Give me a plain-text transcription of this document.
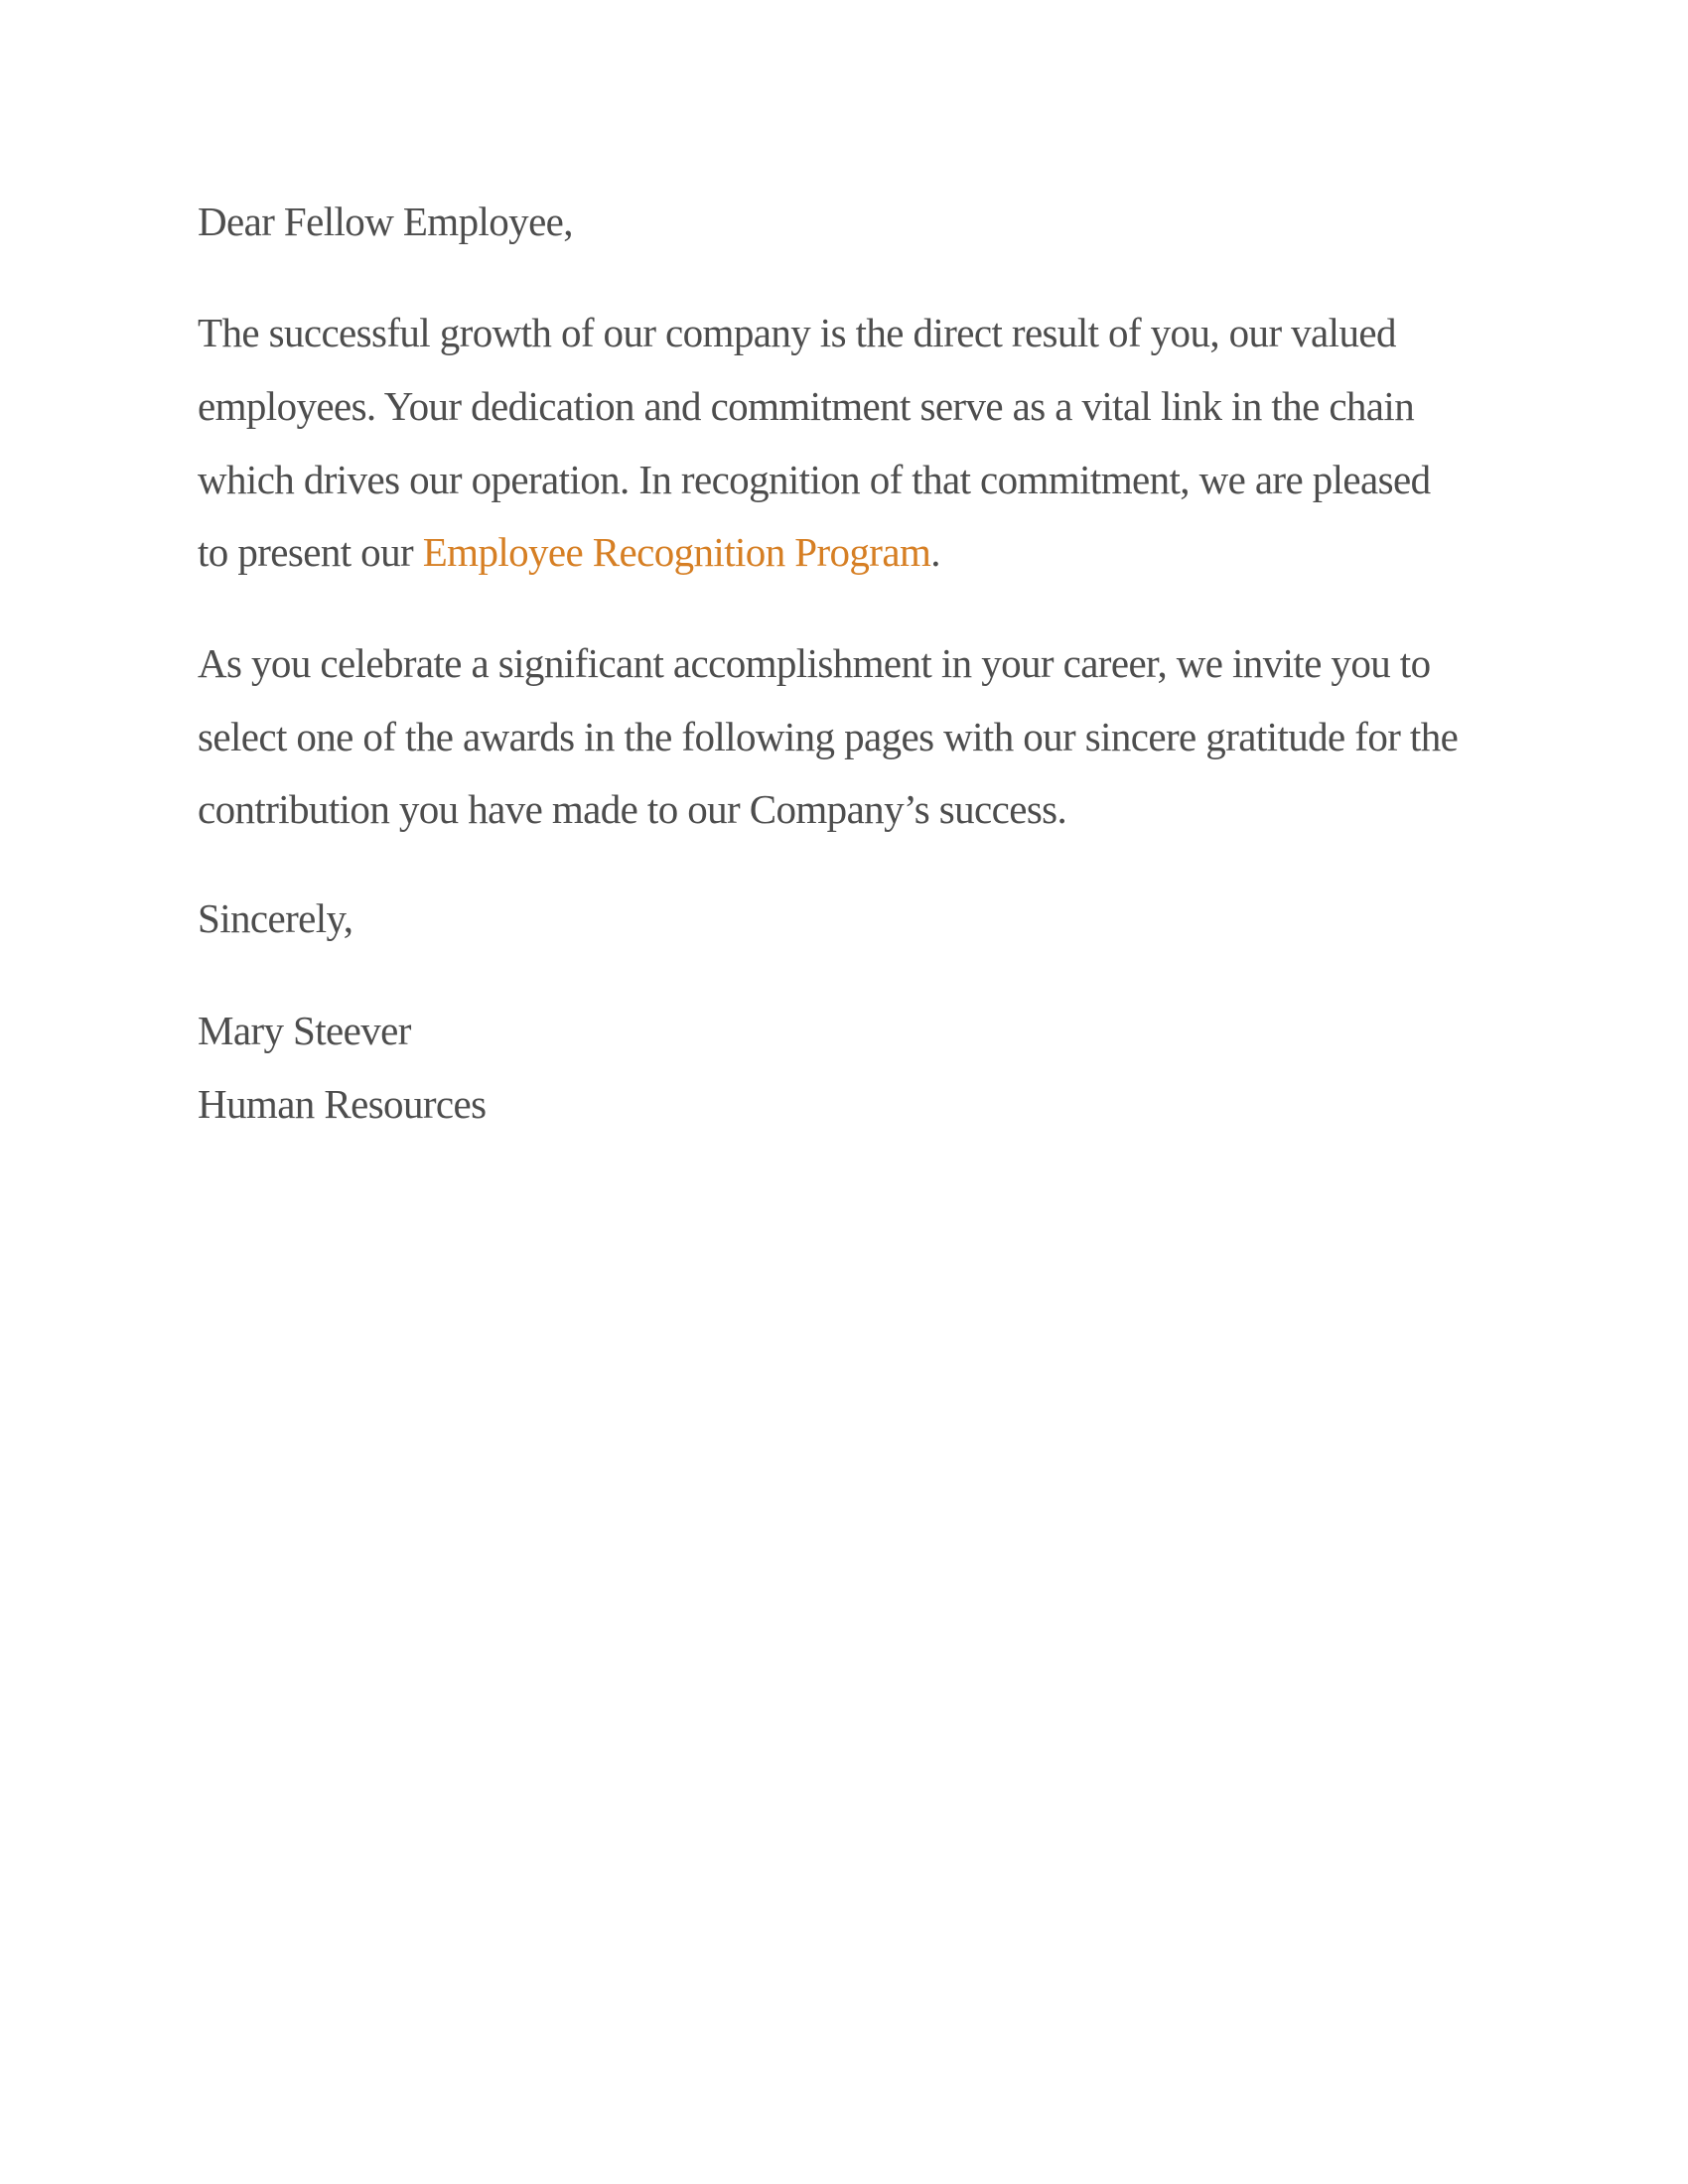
Dear Fellow Employee,
The successful growth of our company is the direct result of you, our valued
employees. Your dedication and commitment serve as a vital link in the chain
which drives our operation. In recognition of that commitment, we are pleased
to present our Employee Recognition Program.
As you celebrate a significant accomplishment in your career, we invite you to
select one of the awards in the following pages with our sincere gratitude for the
contribution you have made to our Company’s success.
Sincerely,
Mary Steever
Human Resources
